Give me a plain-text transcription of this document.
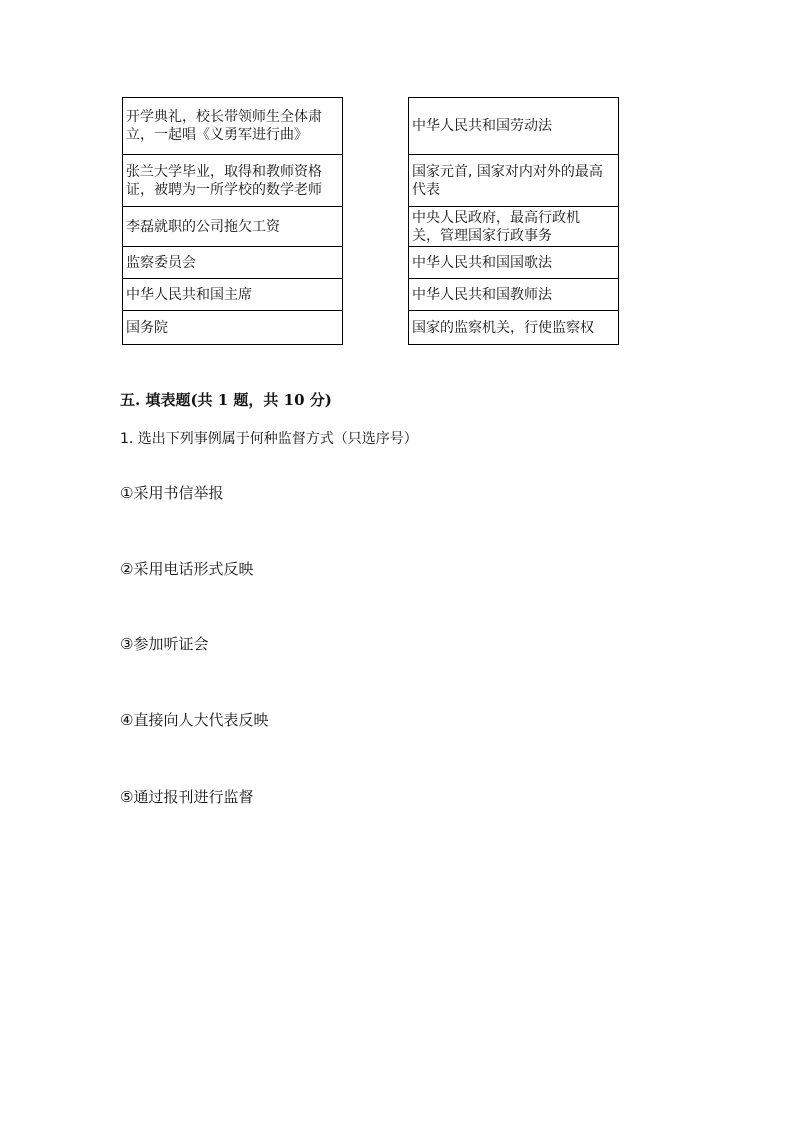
开学典礼，校长带领师生全体肃
立，一起唱《义勇军进行曲》
张兰大学毕业，取得和教师资格
证，被聘为一所学校的数学老师
李磊就职的公司拖欠工资
监察委员会
中华人民共和国主席
国务院
中华人民共和国劳动法
国家元首, 国家对内对外的最高
代表
中央人民政府，最高行政机
关，管理国家行政事务
中华人民共和国国歌法
中华人民共和国教师法
国家的监察机关，行使监察权
五. 填表题(共 1 题，共 10 分)
1. 选出下列事例属于何种监督方式（只选序号）
①采用书信举报
②采用电话形式反映
③参加听证会
④直接向人大代表反映
⑤通过报刊进行监督
